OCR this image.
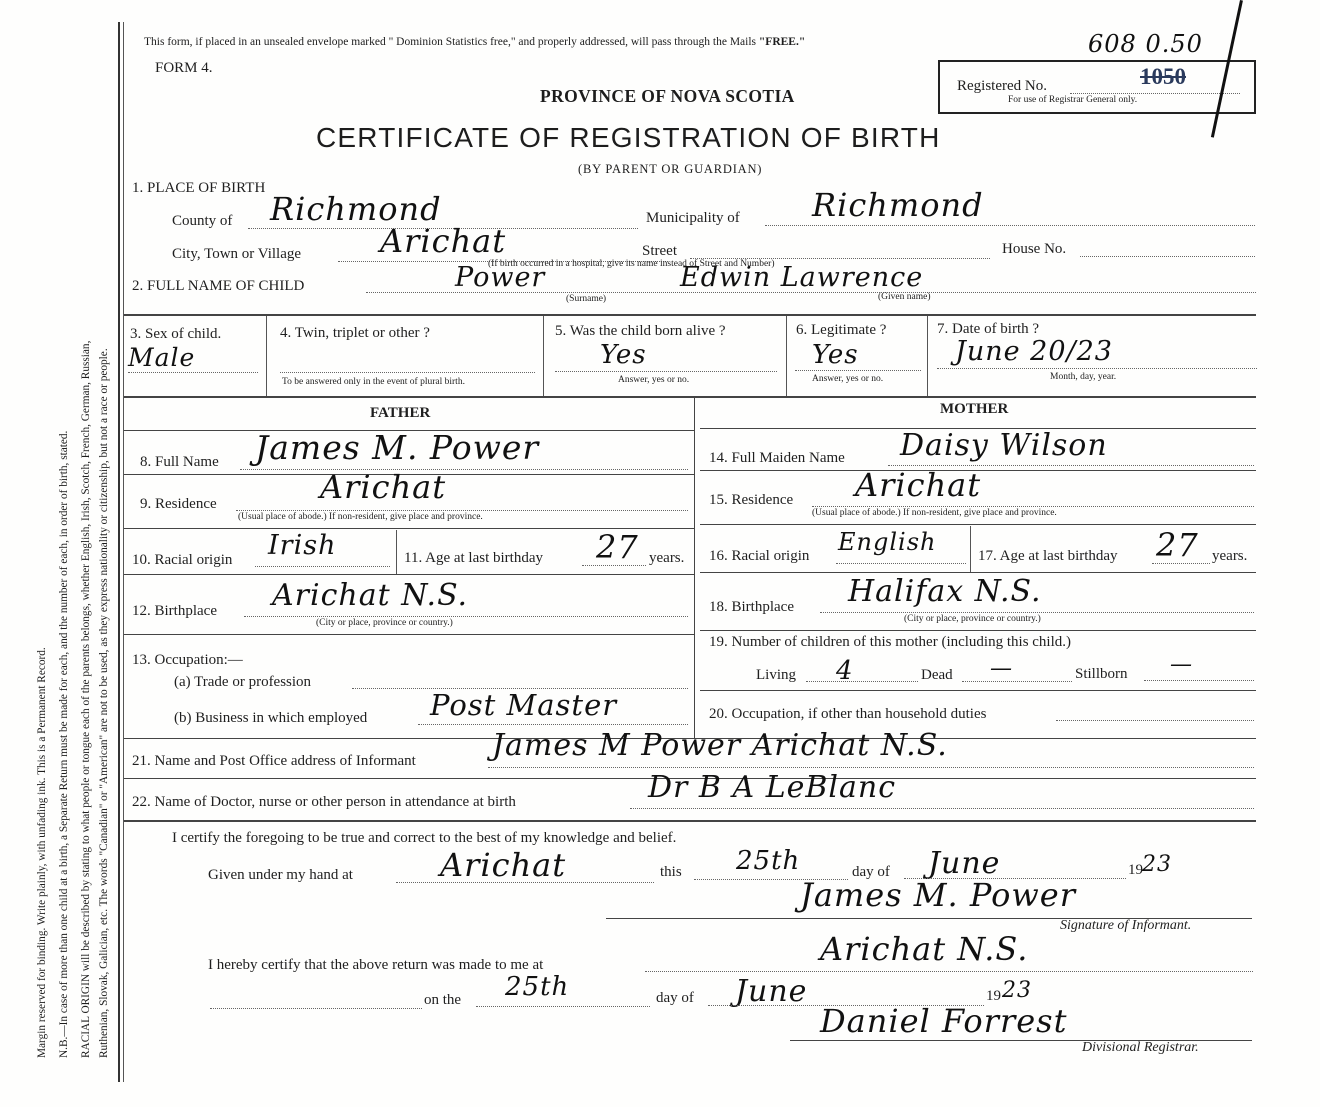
Margin reserved for binding. Write plainly, with unfading ink. This is a Permanent Record. N.B.—In case of more than one child at a birth, a Separate Return must be made for each, and the number of each, in order of birth, stated. RACIAL ORIGIN will be described by stating to what people or tongue each of the parents belongs, whether English, Irish, Scotch, French, German, Russian, Ruthenian, Slovak, Galician, etc. The words "Canadian" or "American" are not to be used, as they express nationality or citizenship, but not a race or people.
This form, if placed in an unsealed envelope marked " Dominion Statistics free," and properly addressed, will pass through the Mails "FREE."
FORM 4.
608 0.50
PROVINCE OF NOVA SCOTIA
CERTIFICATE OF REGISTRATION OF BIRTH
(BY PARENT OR GUARDIAN)
Registered No.	1050
For use of Registrar General only.
1. PLACE OF BIRTH
County of Richmond	Municipality of Richmond
City, Town or Village Arichat	Street	House No.
(If birth occurred in a hospital, give its name instead of Street and Number)
2. FULL NAME OF CHILD	Power	Edwin Lawrence
(Surname)	(Given name)
3. Sex of child.
Male
4. Twin, triplet or other ?
To be answered only in the event of plural birth.
5. Was the child born alive ?
Yes
Answer, yes or no.
6. Legitimate ?
Yes
Answer, yes or no.
7. Date of birth ?
June 20/23
Month, day, year.
FATHER	MOTHER
8. Full Name James M. Power	14. Full Maiden Name Daisy Wilson
9. Residence	Arichat
(Usual place of abode.) If non-resident, give place and province.
15. Residence Arichat
(Usual place of abode.) If non-resident, give place and province.
10. Racial origin Irish	11. Age at last birthday 27 years. 16. Racial origin English	17. Age at last birthday 27 years.
12. Birthplace Arichat N.S.
(City or place, province or country.)
18. Birthplace Halifax N.S.
(City or place, province or country.)
13. Occupation:—
(a) Trade or profession
(b) Business in which employed Post Master
19. Number of children of this mother (including this child.)
Living 4	Dead —	Stillborn —
20. Occupation, if other than household duties
21. Name and Post Office address of Informant	James M Power Arichat N.S.
22. Name of Doctor, nurse or other person in attendance at birth	Dr B A LeBlanc
I certify the foregoing to be true and correct to the best of my knowledge and belief.
Given under my hand at	Arichat	this 25th	day of June	19 23
James M. Power
Signature of Informant.
Arichat N.S.
I hereby certify that the above return was made to me at
on the 25th	day of June	19 23
Daniel Forrest
Divisional Registrar.
